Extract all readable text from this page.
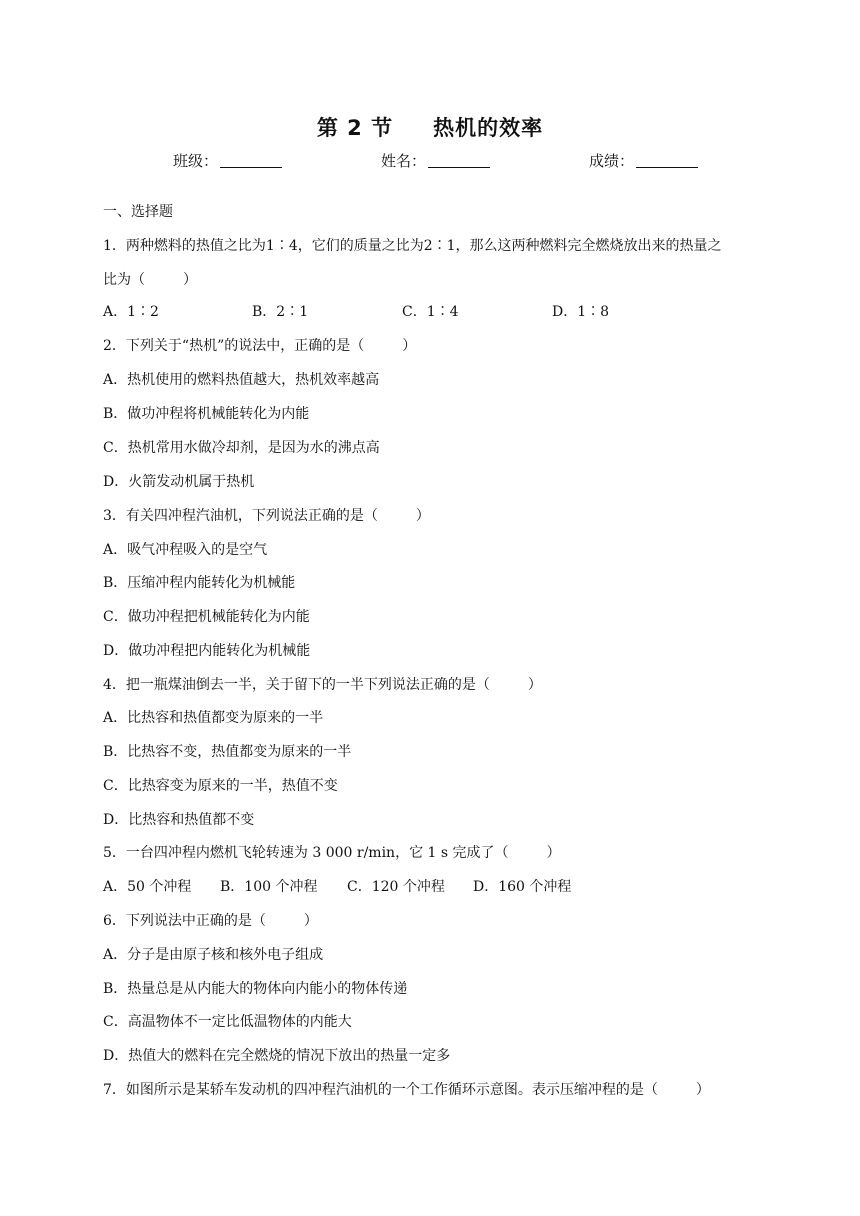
第 2 节 热机的效率
班级：	姓名：	成绩：
一、选择题
1．两种燃料的热值之比为1∶4，它们的质量之比为2∶1，那么这两种燃料完全燃烧放出来的热量之
比为（	）
A．1∶2	B．2∶1	C．1∶4	D．1∶8
2．下列关于“热机”的说法中，正确的是（	）
A．热机使用的燃料热值越大，热机效率越高
B．做功冲程将机械能转化为内能
C．热机常用水做冷却剂，是因为水的沸点高
D．火箭发动机属于热机
3．有关四冲程汽油机，下列说法正确的是（	）
A．吸气冲程吸入的是空气
B．压缩冲程内能转化为机械能
C．做功冲程把机械能转化为内能
D．做功冲程把内能转化为机械能
4．把一瓶煤油倒去一半，关于留下的一半下列说法正确的是（	）
A．比热容和热值都变为原来的一半
B．比热容不变，热值都变为原来的一半
C．比热容变为原来的一半，热值不变
D．比热容和热值都不变
5．一台四冲程内燃机飞轮转速为 3 000 r/min，它 1 s 完成了（	）
A．50 个冲程 B．100 个冲程 C．120 个冲程 D．160 个冲程
6．下列说法中正确的是（	）
A．分子是由原子核和核外电子组成
B．热量总是从内能大的物体向内能小的物体传递
C．高温物体不一定比低温物体的内能大
D．热值大的燃料在完全燃烧的情况下放出的热量一定多
7．如图所示是某轿车发动机的四冲程汽油机的一个工作循环示意图。表示压缩冲程的是（	）
